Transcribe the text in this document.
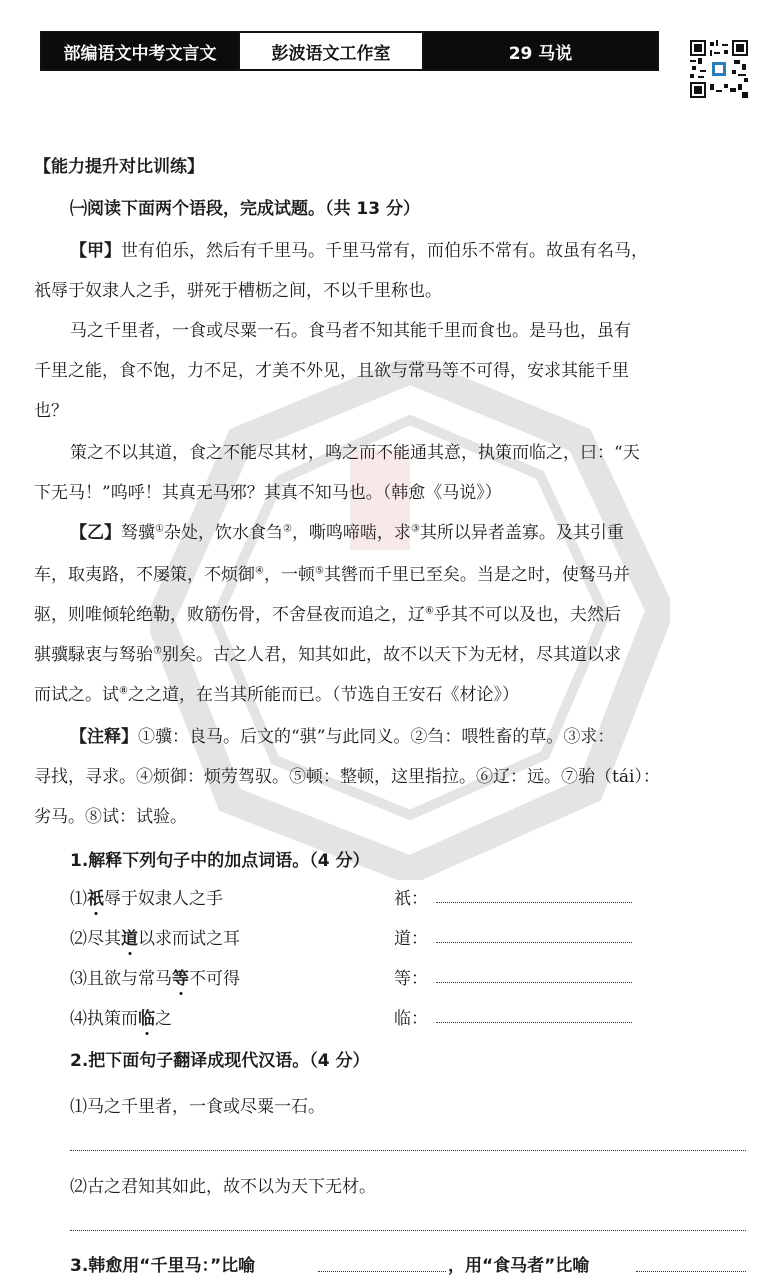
部编语文中考文言文	彭波语文工作室	29 马说
【能力提升对比训练】
㈠阅读下面两个语段，完成试题。（共 13 分）
【甲】世有伯乐，然后有千里马。千里马常有，而伯乐不常有。故虽有名马，
祇辱于奴隶人之手，骈死于槽枥之间，不以千里称也。
马之千里者，一食或尽粟一石。食马者不知其能千里而食也。是马也，虽有
千里之能，食不饱，力不足，才美不外见，且欲与常马等不可得，安求其能千里
也？
策之不以其道，食之不能尽其材，鸣之而不能通其意，执策而临之，曰：“天
下无马！”呜呼！其真无马邪？其真不知马也。（韩愈《马说》）
【乙】驽骥①杂处，饮水食刍②，嘶鸣啼啮，求③其所以异者盖寡。及其引重
车，取夷路，不屡策，不烦御④，一顿⑤其辔而千里已至矣。当是之时，使驽马并
驱，则唯倾轮绝勒，败筋伤骨，不舍昼夜而追之，辽⑥乎其不可以及也，夫然后
骐骥騄衷与驽骀⑦别矣。古之人君，知其如此，故不以天下为无材，尽其道以求
而试之。试⑧之之道，在当其所能而已。（节选自王安石《材论》）
【注释】①骥：良马。后文的“骐”与此同义。②刍：喂牲畜的草。③求：
寻找，寻求。④烦御：烦劳驾驭。⑤顿：整顿，这里指拉。⑥辽：远。⑦骀（tái）：
劣马。⑧试：试验。
1.解释下列句子中的加点词语。（4 分）
⑴祇辱于奴隶人之手	祇：
⑵尽其道以求而试之耳	道：
⑶且欲与常马等不可得	等：
⑷执策而临之	临：
2.把下面句子翻译成现代汉语。（4 分）
⑴马之千里者，一食或尽粟一石。
⑵古之君知其如此，故不以为天下无材。
3.韩愈用“千里马：”比喻	，用“食马者”比喻
